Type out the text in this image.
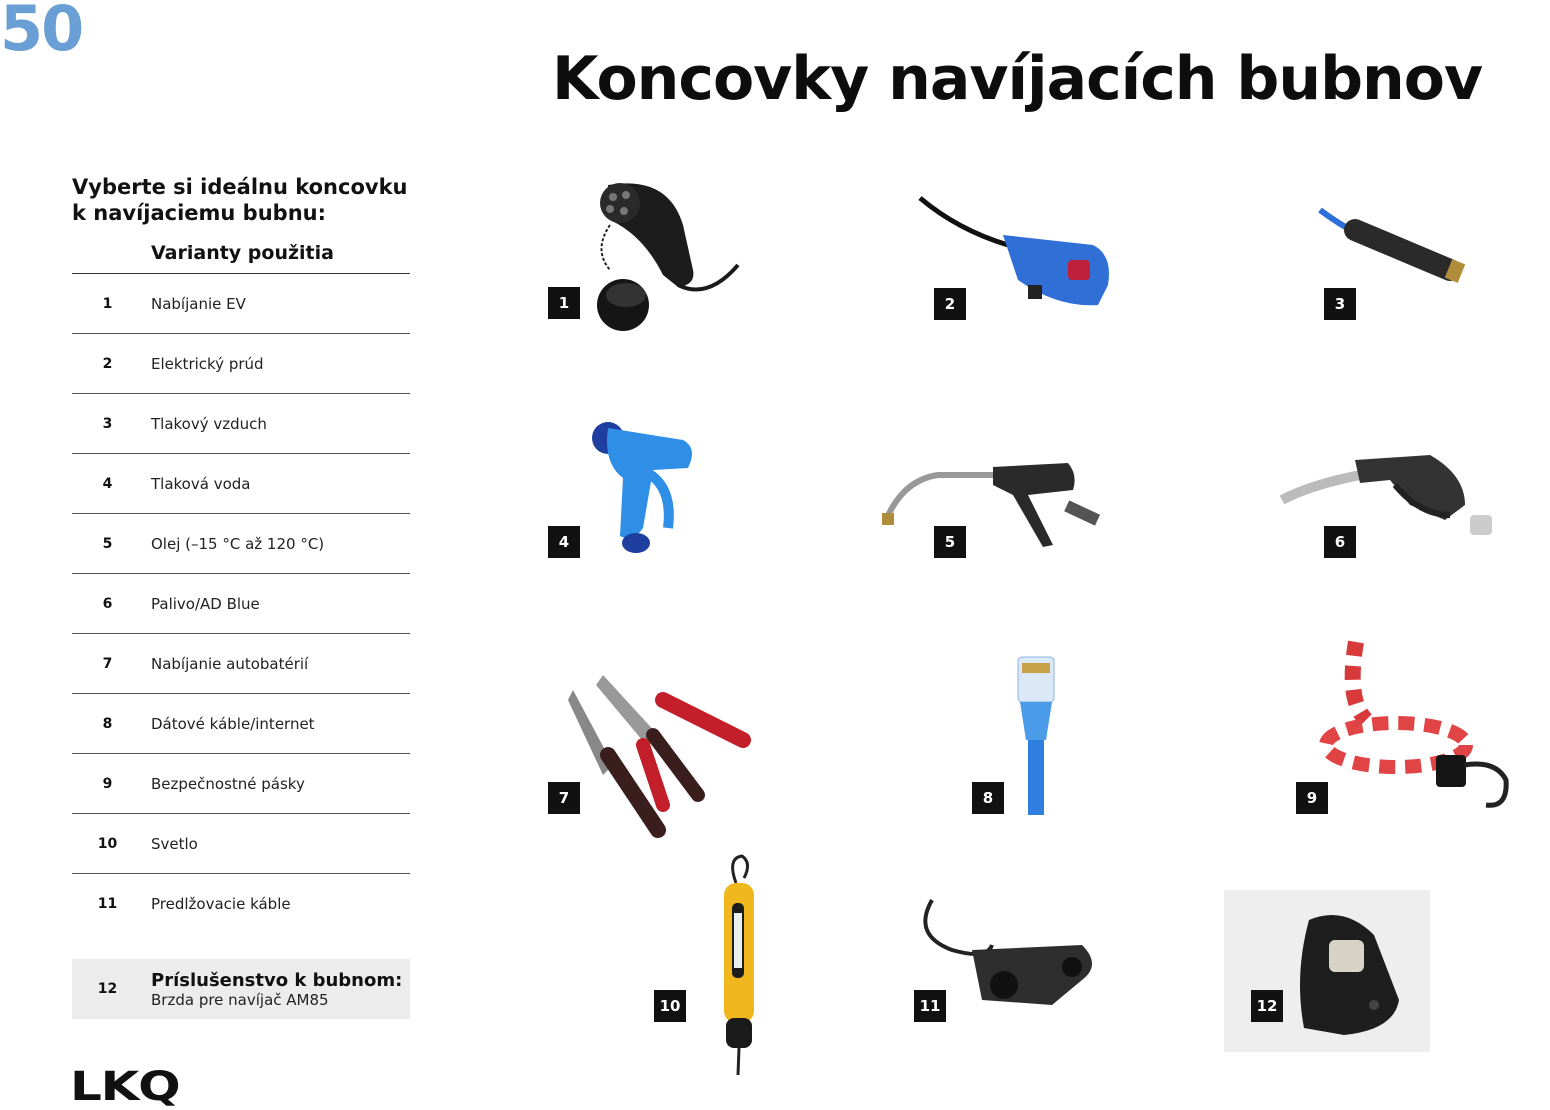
50
Koncovky navíjacích bubnov
Vyberte si ideálnu koncovku
k navíjaciemu bubnu:
Varianty použitia
1	Nabíjanie EV
2	Elektrický prúd
3	Tlakový vzduch
4	Tlaková voda
5	Olej (–15 °C až 120 °C)
6	Palivo/AD Blue
7	Nabíjanie autobatérií
8	Dátové káble/internet
9	Bezpečnostné pásky
10	Svetlo
11	Predlžovacie káble
12	Príslušenstvo k bubnom:
Brzda pre navíjač AM85
LKQ
1	2	3
4	5	6
7	8	9
10	11	12
